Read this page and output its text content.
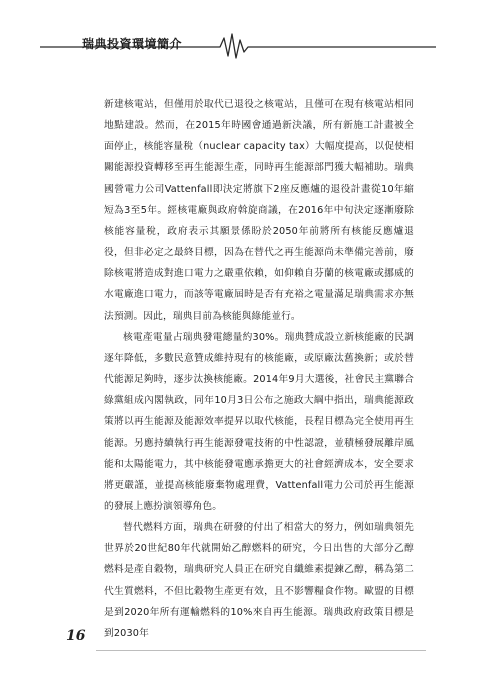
瑞典投資環境簡介

新建核電站，但僅用於取代已退役之核電站，且僅可在現有核電站相同地點建設。然而，在2015年時國會通過新決議，所有新施工計畫被全面停止，核能容量稅（nuclear capacity tax）大幅度提高，以促使相關能源投資轉移至再生能源生產，同時再生能源部門獲大幅補助。瑞典國營電力公司Vattenfall即決定將旗下2座反應爐的退役計畫從10年縮短為3至5年。經核電廠與政府斡旋商議，在2016年中旬決定逐漸廢除核能容量稅，政府表示其願景係盼於2050年前將所有核能反應爐退役，但非必定之最終目標，因為在替代之再生能源尚未準備完善前，廢除核電將造成對進口電力之嚴重依賴，如仰賴自芬蘭的核電廠或挪威的水電廠進口電力，而該等電廠屆時是否有充裕之電量滿足瑞典需求亦無法預測。因此，瑞典目前為核能與綠能並行。

核電產電量占瑞典發電總量約30%。瑞典贊成設立新核能廠的民調逐年降低，多數民意贊成維持現有的核能廠，或原廠汰舊換新；或於替代能源足夠時，逐步汰換核能廠。2014年9月大選後，社會民主黨聯合綠黨組成內閣執政，同年10月3日公布之施政大綱中指出，瑞典能源政策將以再生能源及能源效率提昇以取代核能，長程目標為完全使用再生能源。另應持續執行再生能源發電技術的中性認證，並積極發展離岸風能和太陽能電力，其中核能發電應承擔更大的社會經濟成本，安全要求將更嚴謹，並提高核能廢棄物處理費，Vattenfall電力公司於再生能源的發展上應扮演領導角色。

替代燃料方面，瑞典在研發的付出了相當大的努力，例如瑞典領先世界於20世紀80年代就開始乙醇燃料的研究，今日出售的大部分乙醇燃料是產自穀物，瑞典研究人員正在研究自纖維素提鍊乙醇，稱為第二代生質燃料，不但比穀物生產更有效，且不影響糧食作物。歐盟的目標是到2020年所有運輸燃料的10%來自再生能源。瑞典政府政策目標是到2030年

16
